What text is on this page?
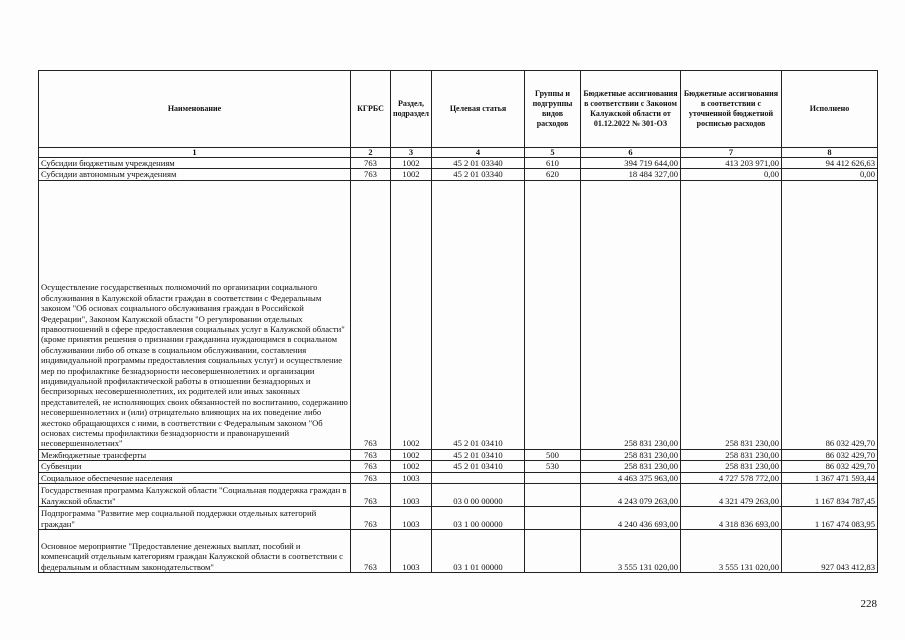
Наименование	КГРБС	Раздел, подраздел	Целевая статья	Группы и подгруппы видов расходов	Бюджетные ассигнования в соответствии с Законом Калужской области от 01.12.2022 № 301-ОЗ	Бюджетные ассигнования в соответствии с уточненной бюджетной росписью расходов	Исполнено
1	2	3	4	5	6	7	8
Субсидии бюджетным учреждениям	763	1002	45 2 01 03340	610	394 719 644,00	413 203 971,00	94 412 626,63
Субсидии автономным учреждениям	763	1002	45 2 01 03340	620	18 484 327,00	0,00	0,00
Осуществление государственных полномочий по организации социального обслуживания в Калужской области граждан в соответствии с Федеральным законом "Об основах социального обслуживания граждан в Российской Федерации", Законом Калужской области "О регулировании отдельных правоотношений в сфере предоставления социальных услуг в Калужской области" (кроме принятия решения о признании гражданина нуждающимся в социальном обслуживании либо об отказе в социальном обслуживании, составления индивидуальной программы предоставления социальных услуг) и осуществление мер по профилактике безнадзорности несовершеннолетних и организации индивидуальной профилактической работы в отношении безнадзорных и беспризорных несовершеннолетних, их родителей или иных законных представителей, не исполняющих своих обязанностей по воспитанию, содержанию несовершеннолетних и (или) отрицательно влияющих на их поведение либо жестоко обращающихся с ними, в соответствии с Федеральным законом "Об основах системы профилактики безнадзорности и правонарушений несовершеннолетних"	763	1002	45 2 01 03410		258 831 230,00	258 831 230,00	86 032 429,70
Межбюджетные трансферты	763	1002	45 2 01 03410	500	258 831 230,00	258 831 230,00	86 032 429,70
Субвенции	763	1002	45 2 01 03410	530	258 831 230,00	258 831 230,00	86 032 429,70
Социальное обеспечение населения	763	1003			4 463 375 963,00	4 727 578 772,00	1 367 471 593,44
Государственная программа Калужской области "Социальная поддержка граждан в Калужской области"	763	1003	03 0 00 00000		4 243 079 263,00	4 321 479 263,00	1 167 834 787,45
Подпрограмма "Развитие мер социальной поддержки отдельных категорий граждан"	763	1003	03 1 00 00000		4 240 436 693,00	4 318 836 693,00	1 167 474 083,95
Основное мероприятие "Предоставление денежных выплат, пособий и компенсаций отдельным категориям граждан Калужской области в соответствии с федеральным и областным законодательством"	763	1003	03 1 01 00000		3 555 131 020,00	3 555 131 020,00	927 043 412,83
228
